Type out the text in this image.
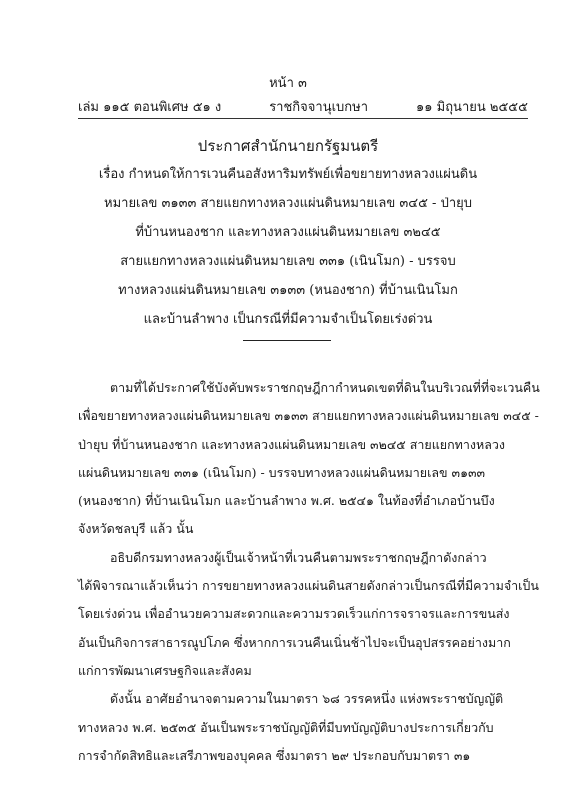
หน้า ๓
เล่ม ๑๑๕ ตอนพิเศษ ๕๑ ง	ราชกิจจานุเบกษา	๑๑ มิถุนายน ๒๕๕๕
ประกาศสำนักนายกรัฐมนตรี
เรื่อง กำหนดให้การเวนคืนอสังหาริมทรัพย์เพื่อขยายทางหลวงแผ่นดิน
หมายเลข ๓๑๓๓ สายแยกทางหลวงแผ่นดินหมายเลข ๓๔๕ - ป่ายุบ
ที่บ้านหนองชาก และทางหลวงแผ่นดินหมายเลข ๓๒๔๕
สายแยกทางหลวงแผ่นดินหมายเลข ๓๓๑ (เนินโมก) - บรรจบ
ทางหลวงแผ่นดินหมายเลข ๓๑๓๓ (หนองชาก) ที่บ้านเนินโมก
และบ้านลำพาง เป็นกรณีที่มีความจำเป็นโดยเร่งด่วน
ตามที่ได้ประกาศใช้บังคับพระราชกฤษฎีกากำหนดเขตที่ดินในบริเวณที่ที่จะเวนคืน
เพื่อขยายทางหลวงแผ่นดินหมายเลข ๓๑๓๓ สายแยกทางหลวงแผ่นดินหมายเลข ๓๔๕ -
ป่ายุบ ที่บ้านหนองชาก และทางหลวงแผ่นดินหมายเลข ๓๒๔๕ สายแยกทางหลวง
แผ่นดินหมายเลข ๓๓๑ (เนินโมก) - บรรจบทางหลวงแผ่นดินหมายเลข ๓๑๓๓
(หนองชาก) ที่บ้านเนินโมก และบ้านลำพาง พ.ศ. ๒๕๔๑ ในท้องที่อำเภอบ้านบึง
จังหวัดชลบุรี แล้ว นั้น
อธิบดีกรมทางหลวงผู้เป็นเจ้าหน้าที่เวนคืนตามพระราชกฤษฎีกาดังกล่าว
ได้พิจารณาแล้วเห็นว่า การขยายทางหลวงแผ่นดินสายดังกล่าวเป็นกรณีที่มีความจำเป็น
โดยเร่งด่วน เพื่ออำนวยความสะดวกและความรวดเร็วแก่การจราจรและการขนส่ง
อันเป็นกิจการสาธารณูปโภค ซึ่งหากการเวนคืนเนิ่นช้าไปจะเป็นอุปสรรคอย่างมาก
แก่การพัฒนาเศรษฐกิจและสังคม
ดังนั้น อาศัยอำนาจตามความในมาตรา ๖๘ วรรคหนึ่ง แห่งพระราชบัญญัติ
ทางหลวง พ.ศ. ๒๕๓๕ อันเป็นพระราชบัญญัติที่มีบทบัญญัติบางประการเกี่ยวกับ
การจำกัดสิทธิและเสรีภาพของบุคคล ซึ่งมาตรา ๒๙ ประกอบกับมาตรา ๓๑
